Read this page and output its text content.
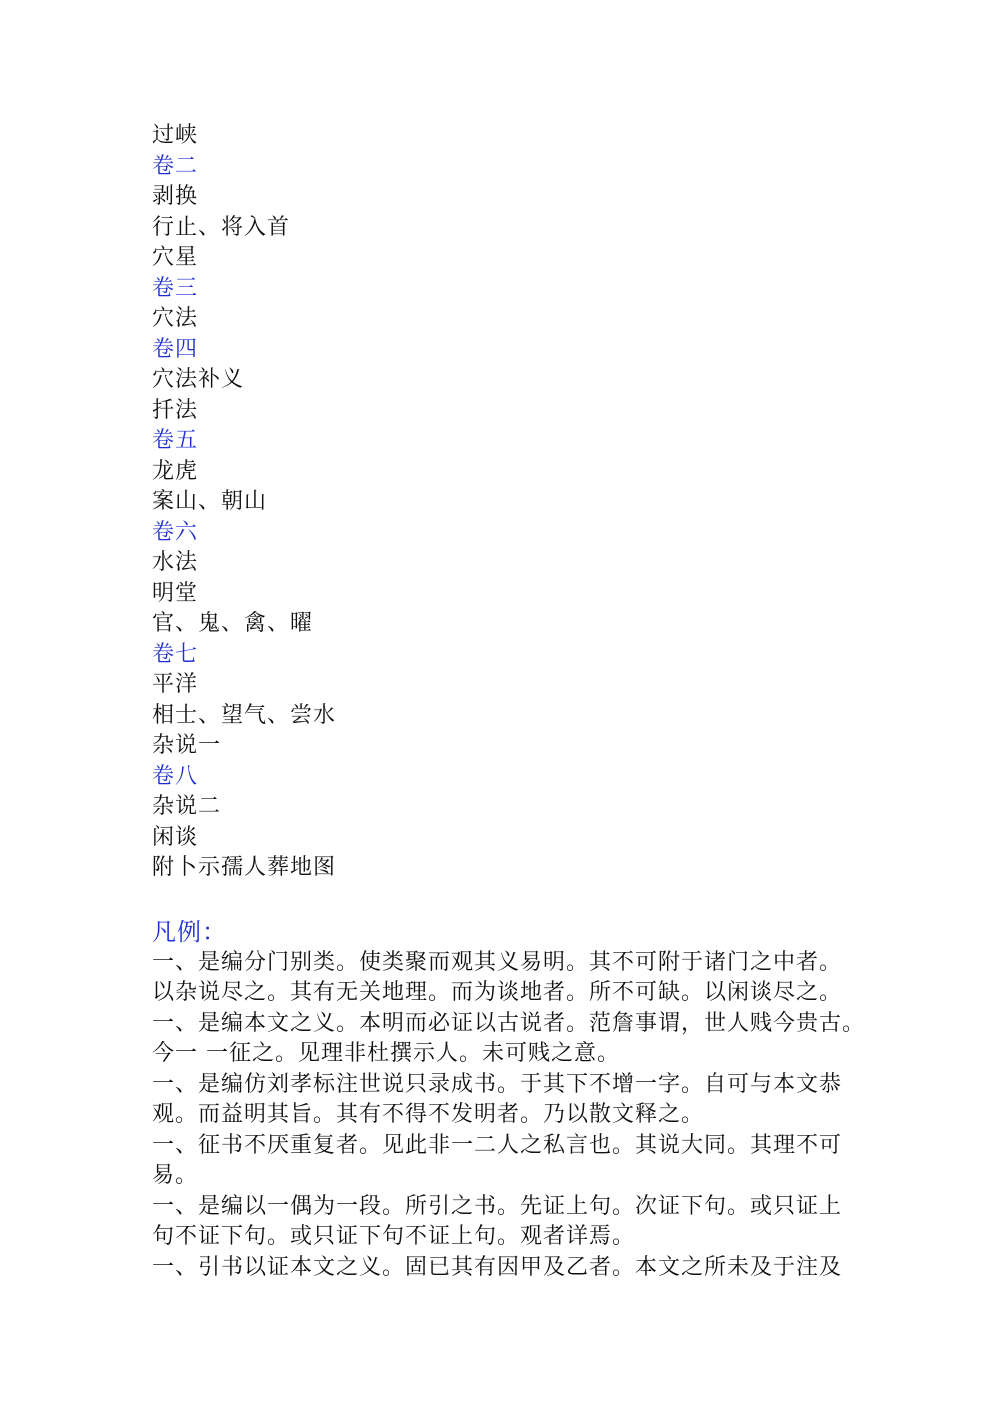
过峡
卷二
剥换
行止、将入首
穴星
卷三
穴法
卷四
穴法补义
扦法
卷五
龙虎
案山、朝山
卷六
水法
明堂
官、鬼、禽、曜
卷七
平洋
相士、望气、尝水
杂说一
卷八
杂说二
闲谈
附卜示孺人葬地图
凡例：
一、是编分门别类。使类聚而观其义易明。其不可附于诸门之中者。
以杂说尽之。其有无关地理。而为谈地者。所不可缺。以闲谈尽之。
一、是编本文之义。本明而必证以古说者。范詹事谓，世人贱今贵古。
今一 一征之。见理非杜撰示人。未可贱之意。
一、是编仿刘孝标注世说只录成书。于其下不增一字。自可与本文恭
观。而益明其旨。其有不得不发明者。乃以散文释之。
一、征书不厌重复者。见此非一二人之私言也。其说大同。其理不可
易。
一、是编以一偶为一段。所引之书。先证上句。次证下句。或只证上
句不证下句。或只证下句不证上句。观者详焉。
一、引书以证本文之义。固已其有因甲及乙者。本文之所未及于注及
